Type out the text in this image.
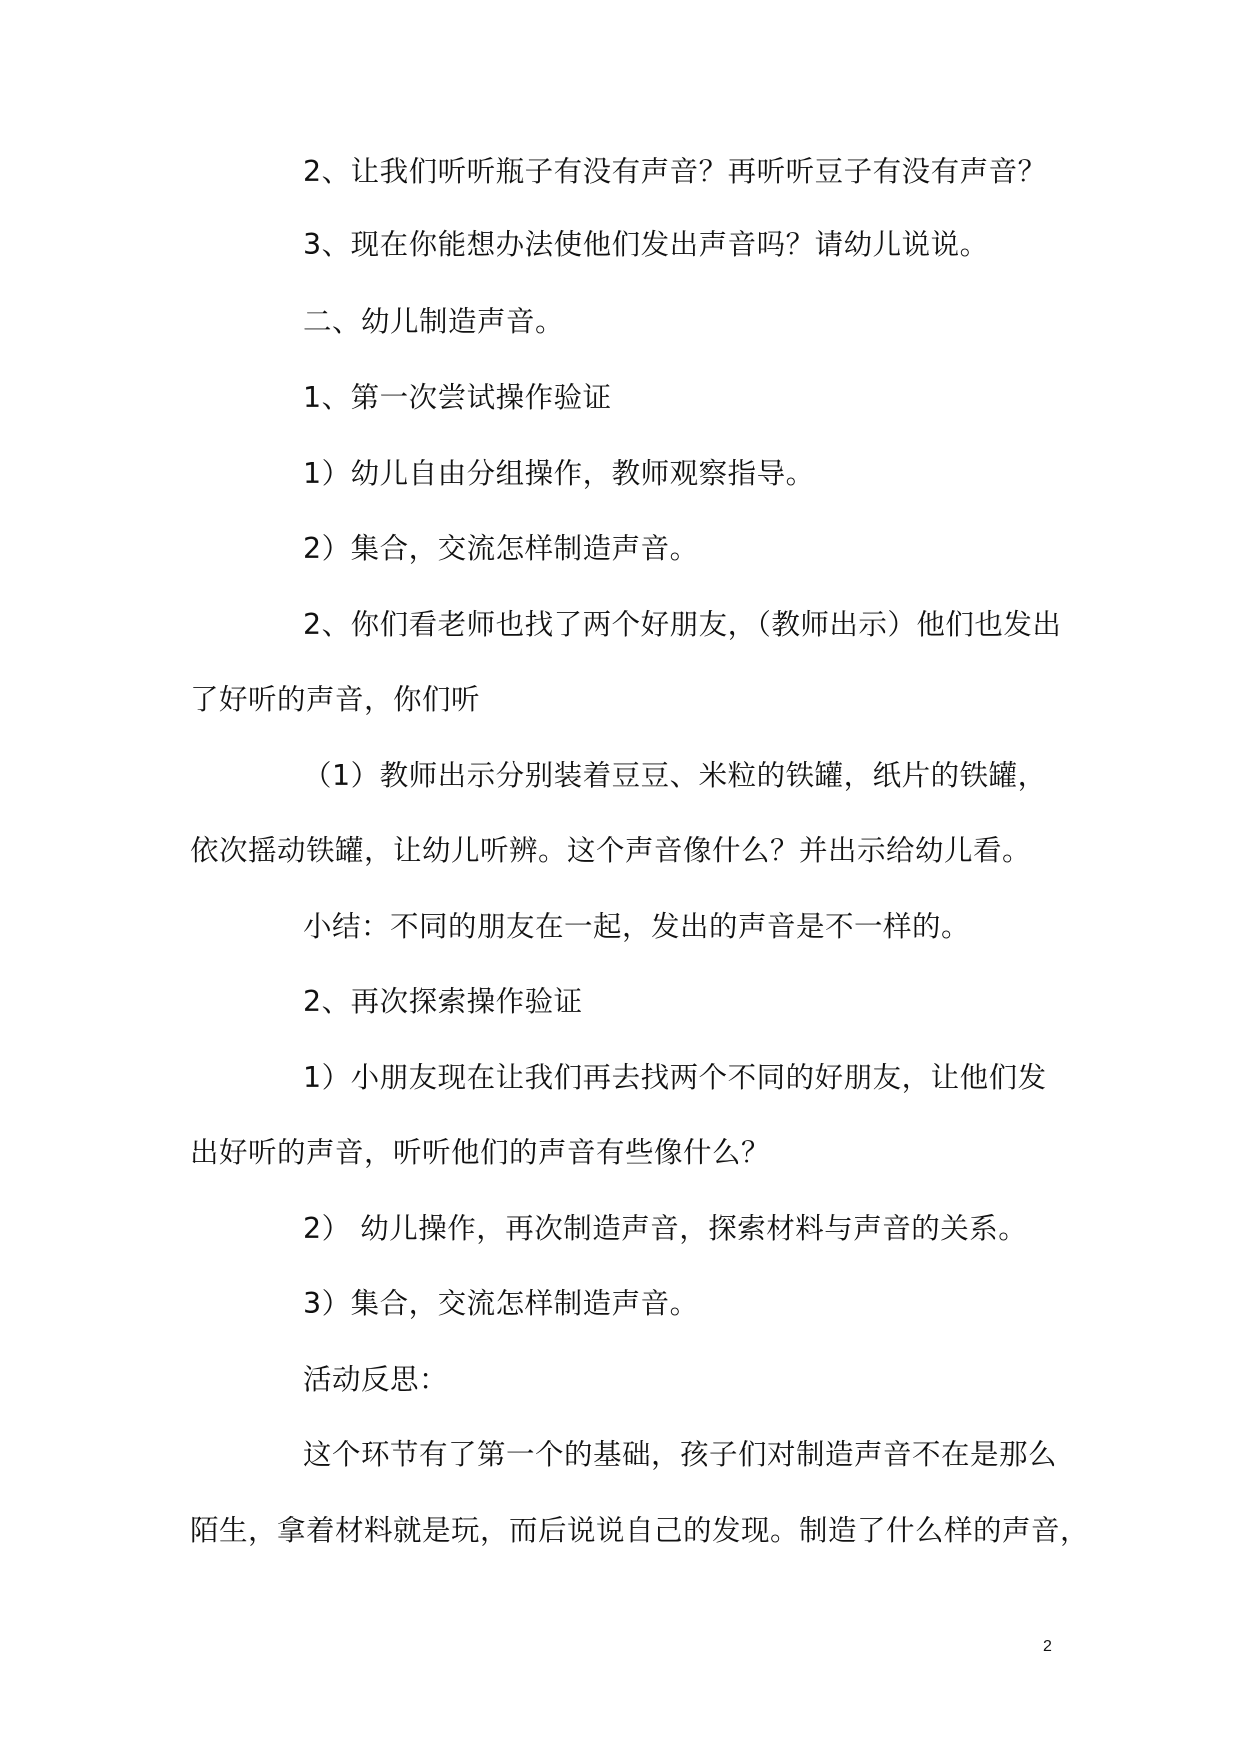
2、让我们听听瓶子有没有声音？再听听豆子有没有声音？
3、现在你能想办法使他们发出声音吗？请幼儿说说。
二、幼儿制造声音。
1、第一次尝试操作验证
1）幼儿自由分组操作，教师观察指导。
2）集合，交流怎样制造声音。
2、你们看老师也找了两个好朋友，（教师出示）他们也发出
了好听的声音，你们听
（1）教师出示分别装着豆豆、米粒的铁罐，纸片的铁罐，
依次摇动铁罐，让幼儿听辨。这个声音像什么？并出示给幼儿看。
小结：不同的朋友在一起，发出的声音是不一样的。
2、再次探索操作验证
1）小朋友现在让我们再去找两个不同的好朋友，让他们发
出好听的声音，听听他们的声音有些像什么？
2） 幼儿操作，再次制造声音，探索材料与声音的关系。
3）集合，交流怎样制造声音。
活动反思：
这个环节有了第一个的基础，孩子们对制造声音不在是那么
陌生，拿着材料就是玩，而后说说自己的发现。制造了什么样的声音，
2
